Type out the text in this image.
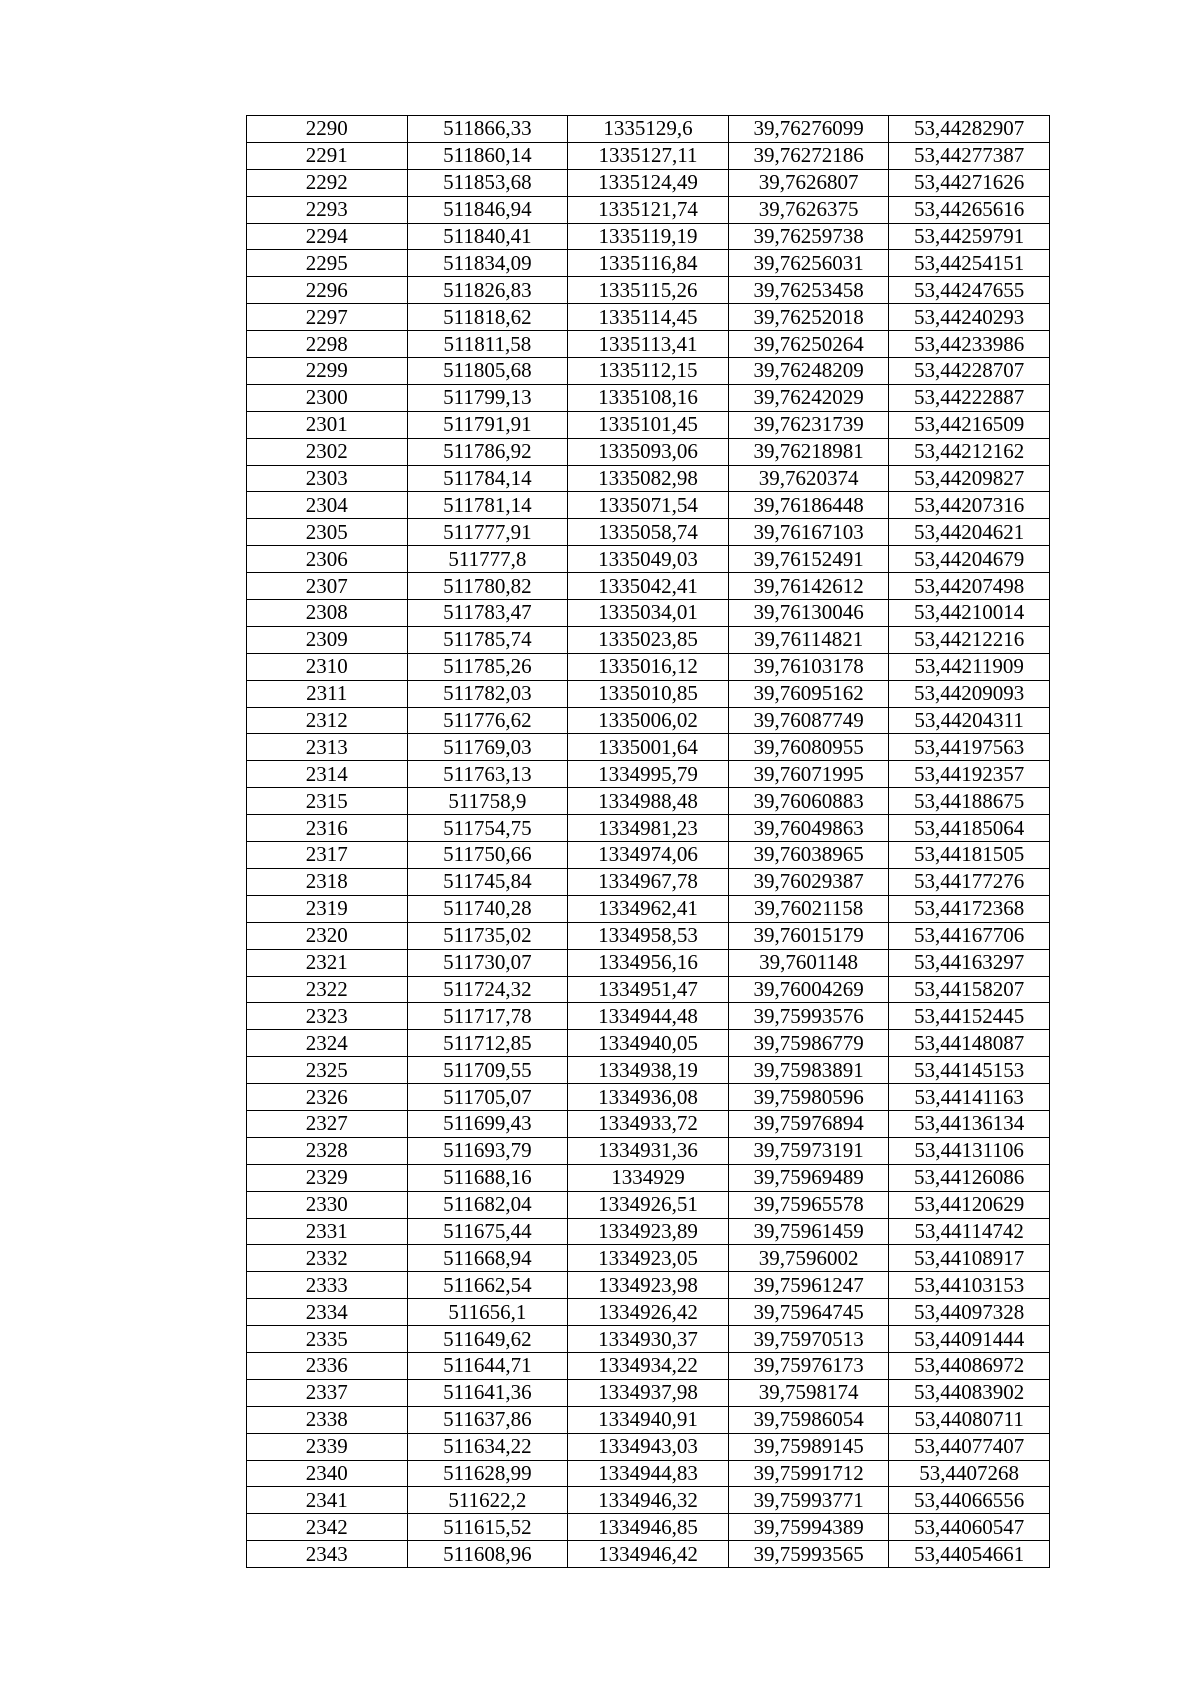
2290	511866,33	1335129,6	39,76276099	53,44282907
2291	511860,14	1335127,11	39,76272186	53,44277387
2292	511853,68	1335124,49	39,7626807	53,44271626
2293	511846,94	1335121,74	39,7626375	53,44265616
2294	511840,41	1335119,19	39,76259738	53,44259791
2295	511834,09	1335116,84	39,76256031	53,44254151
2296	511826,83	1335115,26	39,76253458	53,44247655
2297	511818,62	1335114,45	39,76252018	53,44240293
2298	511811,58	1335113,41	39,76250264	53,44233986
2299	511805,68	1335112,15	39,76248209	53,44228707
2300	511799,13	1335108,16	39,76242029	53,44222887
2301	511791,91	1335101,45	39,76231739	53,44216509
2302	511786,92	1335093,06	39,76218981	53,44212162
2303	511784,14	1335082,98	39,7620374	53,44209827
2304	511781,14	1335071,54	39,76186448	53,44207316
2305	511777,91	1335058,74	39,76167103	53,44204621
2306	511777,8	1335049,03	39,76152491	53,44204679
2307	511780,82	1335042,41	39,76142612	53,44207498
2308	511783,47	1335034,01	39,76130046	53,44210014
2309	511785,74	1335023,85	39,76114821	53,44212216
2310	511785,26	1335016,12	39,76103178	53,44211909
2311	511782,03	1335010,85	39,76095162	53,44209093
2312	511776,62	1335006,02	39,76087749	53,44204311
2313	511769,03	1335001,64	39,76080955	53,44197563
2314	511763,13	1334995,79	39,76071995	53,44192357
2315	511758,9	1334988,48	39,76060883	53,44188675
2316	511754,75	1334981,23	39,76049863	53,44185064
2317	511750,66	1334974,06	39,76038965	53,44181505
2318	511745,84	1334967,78	39,76029387	53,44177276
2319	511740,28	1334962,41	39,76021158	53,44172368
2320	511735,02	1334958,53	39,76015179	53,44167706
2321	511730,07	1334956,16	39,7601148	53,44163297
2322	511724,32	1334951,47	39,76004269	53,44158207
2323	511717,78	1334944,48	39,75993576	53,44152445
2324	511712,85	1334940,05	39,75986779	53,44148087
2325	511709,55	1334938,19	39,75983891	53,44145153
2326	511705,07	1334936,08	39,75980596	53,44141163
2327	511699,43	1334933,72	39,75976894	53,44136134
2328	511693,79	1334931,36	39,75973191	53,44131106
2329	511688,16	1334929	39,75969489	53,44126086
2330	511682,04	1334926,51	39,75965578	53,44120629
2331	511675,44	1334923,89	39,75961459	53,44114742
2332	511668,94	1334923,05	39,7596002	53,44108917
2333	511662,54	1334923,98	39,75961247	53,44103153
2334	511656,1	1334926,42	39,75964745	53,44097328
2335	511649,62	1334930,37	39,75970513	53,44091444
2336	511644,71	1334934,22	39,75976173	53,44086972
2337	511641,36	1334937,98	39,7598174	53,44083902
2338	511637,86	1334940,91	39,75986054	53,44080711
2339	511634,22	1334943,03	39,75989145	53,44077407
2340	511628,99	1334944,83	39,75991712	53,4407268
2341	511622,2	1334946,32	39,75993771	53,44066556
2342	511615,52	1334946,85	39,75994389	53,44060547
2343	511608,96	1334946,42	39,75993565	53,44054661
